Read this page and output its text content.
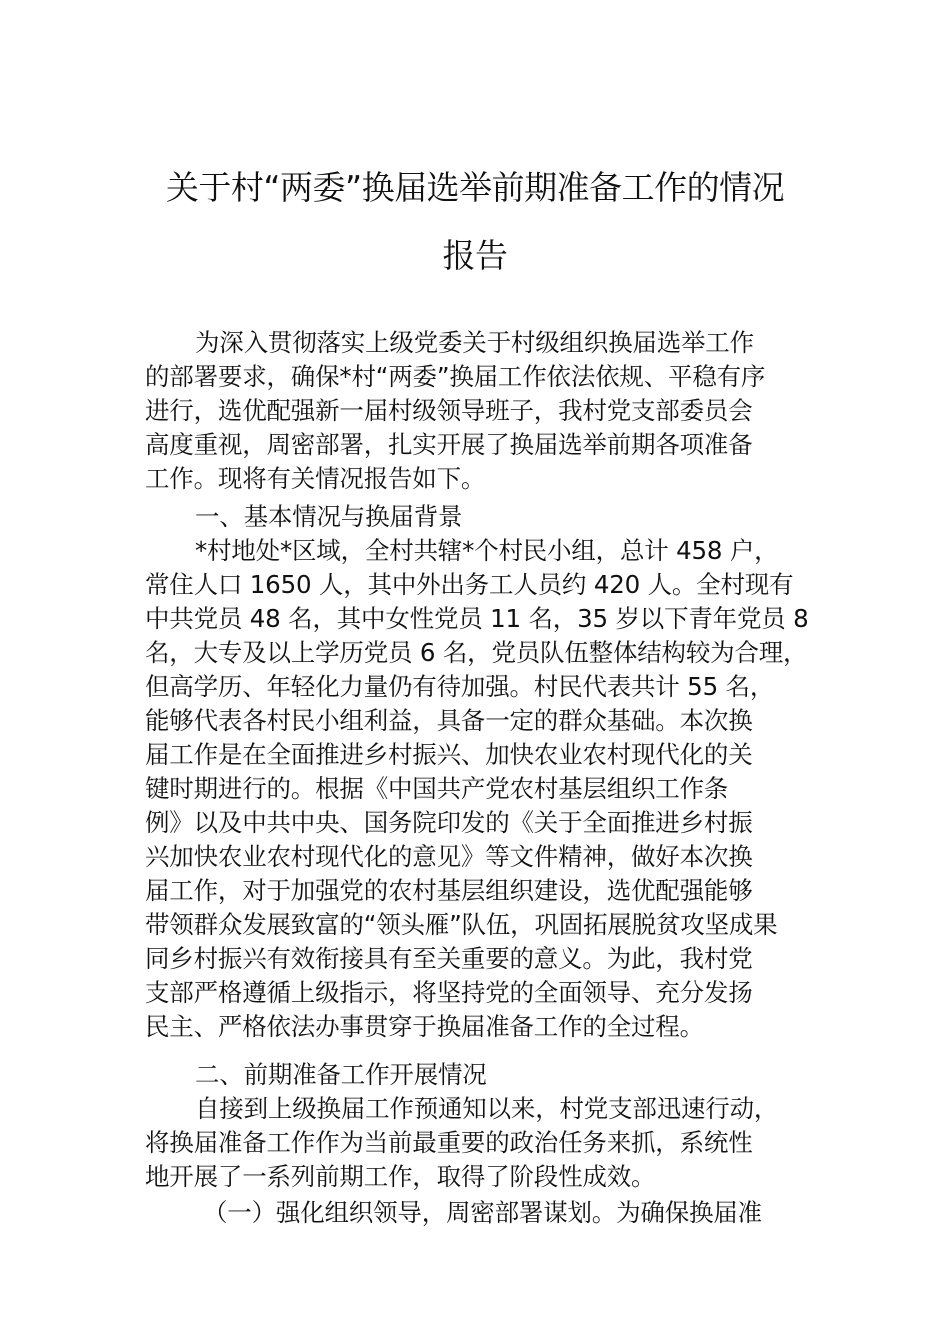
关于村“两委”换届选举前期准备工作的情况
报告
为深入贯彻落实上级党委关于村级组织换届选举工作
的部署要求，确保*村“两委”换届工作依法依规、平稳有序
进行，选优配强新一届村级领导班子，我村党支部委员会
高度重视，周密部署，扎实开展了换届选举前期各项准备
工作。现将有关情况报告如下。
一、基本情况与换届背景
*村地处*区域，全村共辖*个村民小组，总计 458 户，
常住人口 1650 人，其中外出务工人员约 420 人。全村现有
中共党员 48 名，其中女性党员 11 名，35 岁以下青年党员 8
名，大专及以上学历党员 6 名，党员队伍整体结构较为合理，
但高学历、年轻化力量仍有待加强。村民代表共计 55 名，
能够代表各村民小组利益，具备一定的群众基础。本次换
届工作是在全面推进乡村振兴、加快农业农村现代化的关
键时期进行的。根据《中国共产党农村基层组织工作条
例》以及中共中央、国务院印发的《关于全面推进乡村振
兴加快农业农村现代化的意见》等文件精神，做好本次换
届工作，对于加强党的农村基层组织建设，选优配强能够
带领群众发展致富的“领头雁”队伍，巩固拓展脱贫攻坚成果
同乡村振兴有效衔接具有至关重要的意义。为此，我村党
支部严格遵循上级指示，将坚持党的全面领导、充分发扬
民主、严格依法办事贯穿于换届准备工作的全过程。
二、前期准备工作开展情况
自接到上级换届工作预通知以来，村党支部迅速行动，
将换届准备工作作为当前最重要的政治任务来抓，系统性
地开展了一系列前期工作，取得了阶段性成效。
（一）强化组织领导，周密部署谋划。为确保换届准
